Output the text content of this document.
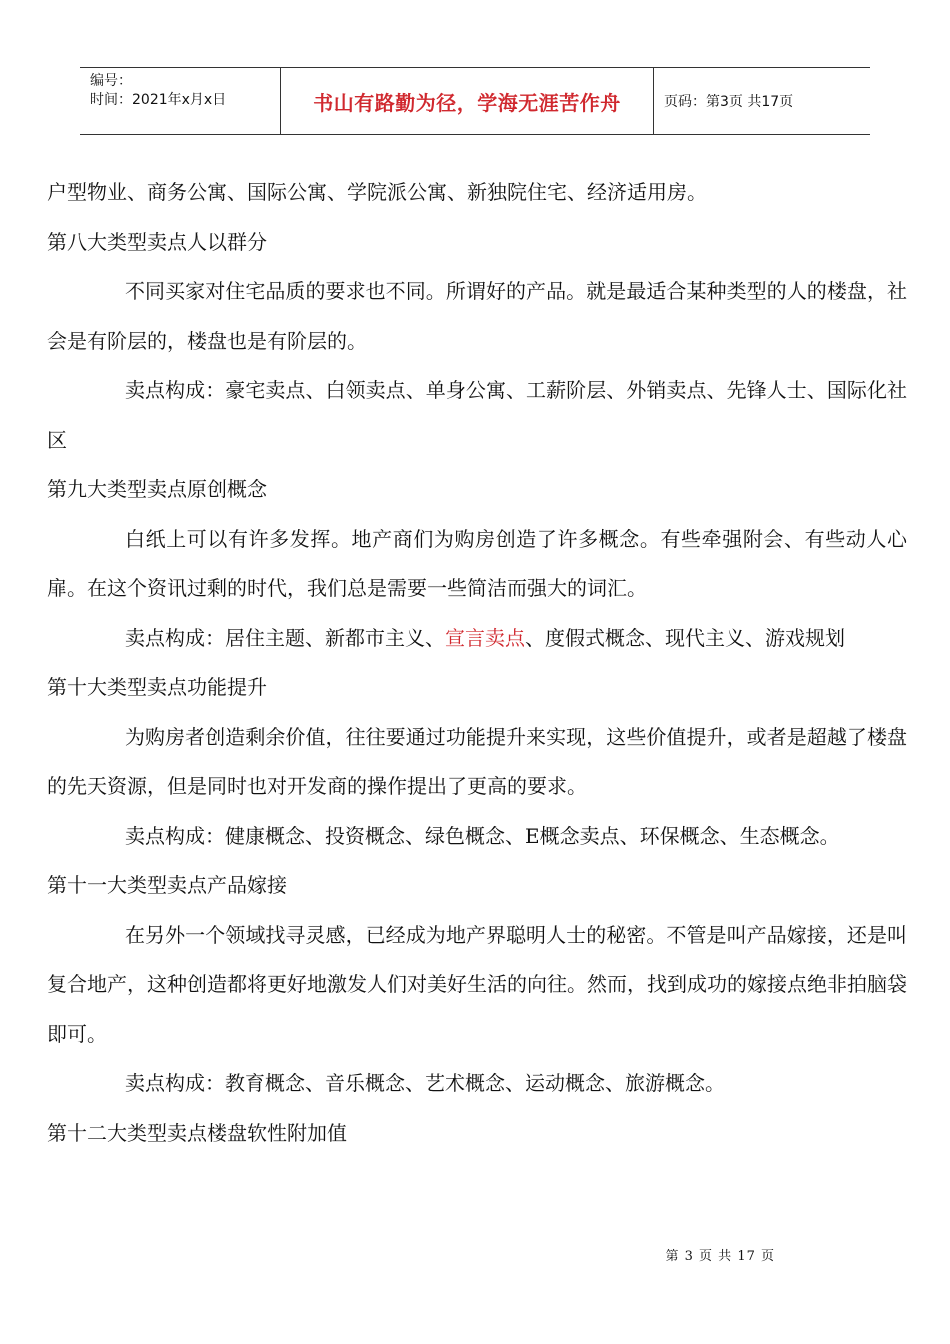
编号：
时间：2021年x月x日	书山有路勤为径，学海无涯苦作舟	页码：第3页 共17页

户型物业、商务公寓、国际公寓、学院派公寓、新独院住宅、经济适用房。

第八大类型卖点人以群分

不同买家对住宅品质的要求也不同。所谓好的产品。就是最适合某种类型的人的楼盘，社会是有阶层的，楼盘也是有阶层的。

卖点构成：豪宅卖点、白领卖点、单身公寓、工薪阶层、外销卖点、先锋人士、国际化社区

第九大类型卖点原创概念

白纸上可以有许多发挥。地产商们为购房创造了许多概念。有些牵强附会、有些动人心扉。在这个资讯过剩的时代，我们总是需要一些简洁而强大的词汇。

卖点构成：居住主题、新都市主义、宣言卖点、度假式概念、现代主义、游戏规划

第十大类型卖点功能提升

为购房者创造剩余价值，往往要通过功能提升来实现，这些价值提升，或者是超越了楼盘的先天资源，但是同时也对开发商的操作提出了更高的要求。

卖点构成：健康概念、投资概念、绿色概念、E概念卖点、环保概念、生态概念。

第十一大类型卖点产品嫁接

在另外一个领域找寻灵感，已经成为地产界聪明人士的秘密。不管是叫产品嫁接，还是叫复合地产，这种创造都将更好地激发人们对美好生活的向往。然而，找到成功的嫁接点绝非拍脑袋即可。

卖点构成：教育概念、音乐概念、艺术概念、运动概念、旅游概念。

第十二大类型卖点楼盘软性附加值

第 3 页 共 17 页
